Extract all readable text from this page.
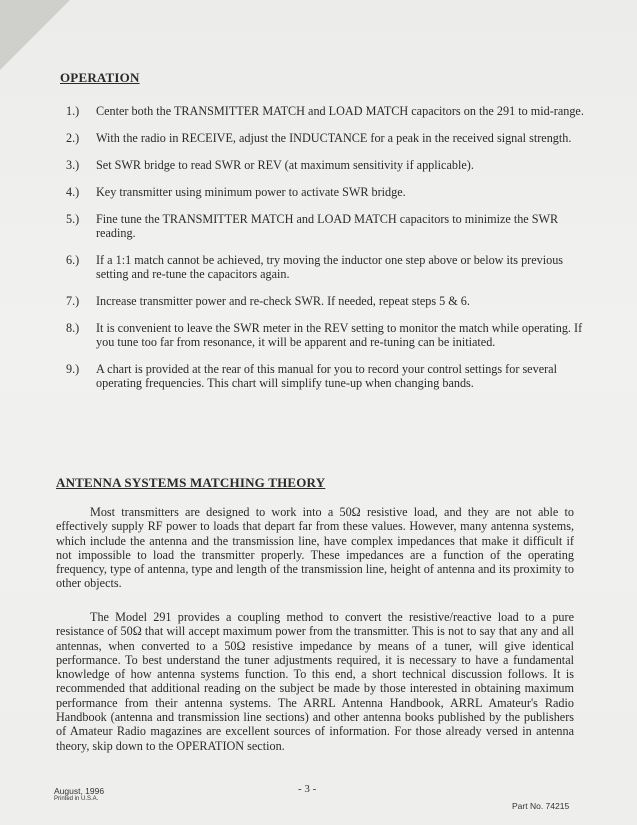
OPERATION
1.)	Center both the TRANSMITTER MATCH and LOAD MATCH capacitors on the 291 to mid-range.
2.)	With the radio in RECEIVE, adjust the INDUCTANCE for a peak in the received signal strength.
3.)	Set SWR bridge to read SWR or REV (at maximum sensitivity if applicable).
4.)	Key transmitter using minimum power to activate SWR bridge.
5.)	Fine tune the TRANSMITTER MATCH and LOAD MATCH capacitors to minimize the SWR reading.
6.)	If a 1:1 match cannot be achieved, try moving the inductor one step above or below its previous setting and re-tune the capacitors again.
7.)	Increase transmitter power and re-check SWR. If needed, repeat steps 5 & 6.
8.)	It is convenient to leave the SWR meter in the REV setting to monitor the match while operating. If you tune too far from resonance, it will be apparent and re-tuning can be initiated.
9.)	A chart is provided at the rear of this manual for you to record your control settings for several operating frequencies. This chart will simplify tune-up when changing bands.
ANTENNA SYSTEMS MATCHING THEORY

Most transmitters are designed to work into a 50Ω resistive load, and they are not able to effectively supply RF power to loads that depart far from these values. However, many antenna systems, which include the antenna and the transmission line, have complex impedances that make it difficult if not impossible to load the transmitter properly. These impedances are a function of the operating frequency, type of antenna, type and length of the transmission line, height of antenna and its proximity to other objects.

The Model 291 provides a coupling method to convert the resistive/reactive load to a pure resistance of 50Ω that will accept maximum power from the transmitter. This is not to say that any and all antennas, when converted to a 50Ω resistive impedance by means of a tuner, will give identical performance. To best understand the tuner adjustments required, it is necessary to have a fundamental knowledge of how antenna systems function. To this end, a short technical discussion follows. It is recommended that additional reading on the subject be made by those interested in obtaining maximum performance from their antenna systems. The ARRL Antenna Handbook, ARRL Amateur's Radio Handbook (antenna and transmission line sections) and other antenna books published by the publishers of Amateur Radio magazines are excellent sources of information. For those already versed in antenna theory, skip down to the OPERATION section.

August, 1996
Printed in U.S.A.
- 3 -
Part No. 74215
